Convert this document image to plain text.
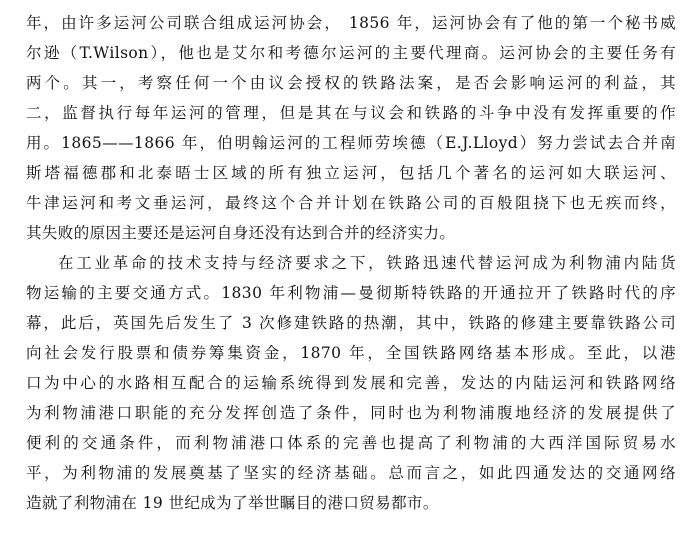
年，由许多运河公司联合组成运河协会， 1856 年，运河协会有了他的第一个秘书威
尔逊（T.Wilson），他也是艾尔和考德尔运河的主要代理商。运河协会的主要任务有
两个。其一，考察任何一个由议会授权的铁路法案，是否会影响运河的利益，其
二，监督执行每年运河的管理，但是其在与议会和铁路的斗争中没有发挥重要的作
用。1865——1866 年，伯明翰运河的工程师劳埃德（E.J.Lloyd）努力尝试去合并南
斯塔福德郡和北泰晤士区域的所有独立运河，包括几个著名的运河如大联运河、
牛津运河和考文垂运河，最终这个合并计划在铁路公司的百般阻挠下也无疾而终，
其失败的原因主要还是运河自身还没有达到合并的经济实力。
在工业革命的技术支持与经济要求之下，铁路迅速代替运河成为利物浦内陆货
物运输的主要交通方式。1830 年利物浦—曼彻斯特铁路的开通拉开了铁路时代的序
幕，此后，英国先后发生了 3 次修建铁路的热潮，其中，铁路的修建主要靠铁路公司
向社会发行股票和债券筹集资金，1870 年，全国铁路网络基本形成。至此，以港
口为中心的水路相互配合的运输系统得到发展和完善，发达的内陆运河和铁路网络
为利物浦港口职能的充分发挥创造了条件，同时也为利物浦腹地经济的发展提供了
便利的交通条件，而利物浦港口体系的完善也提高了利物浦的大西洋国际贸易水
平，为利物浦的发展奠基了坚实的经济基础。总而言之，如此四通发达的交通网络
造就了利物浦在 19 世纪成为了举世瞩目的港口贸易都市。
